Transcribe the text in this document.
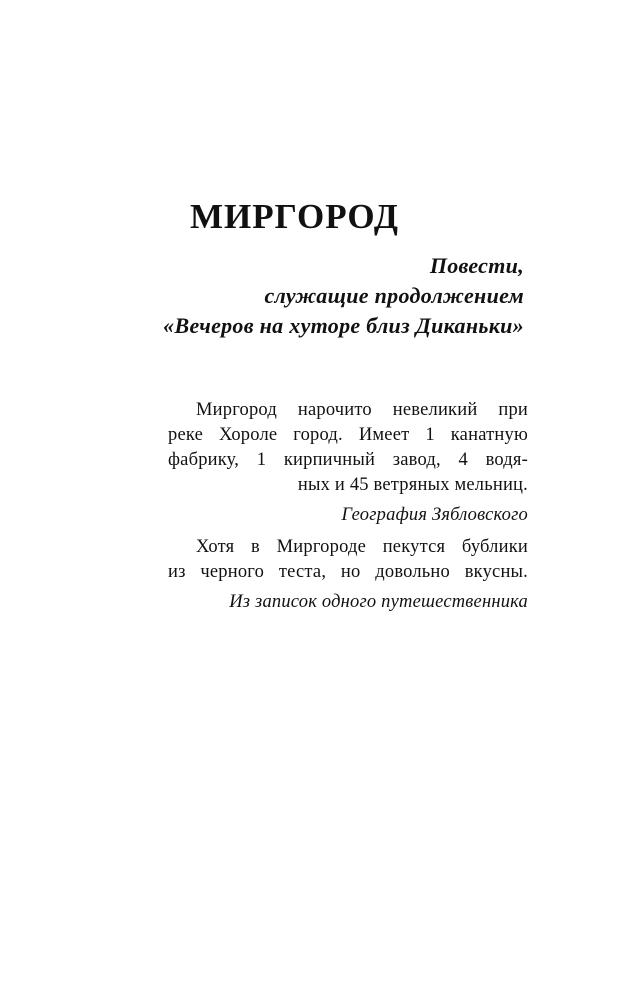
МИРГОРОД
Повести,
служащие продолжением
«Вечеров на хуторе близ Диканьки»
Миргород нарочито невеликий при
реке Хороле город. Имеет 1 канатную
фабрику, 1 кирпичный завод, 4 водя-
ных и 45 ветряных мельниц.
География Зябловского
Хотя в Миргороде пекутся бублики
из черного теста, но довольно вкусны.
Из записок одного путешественника
